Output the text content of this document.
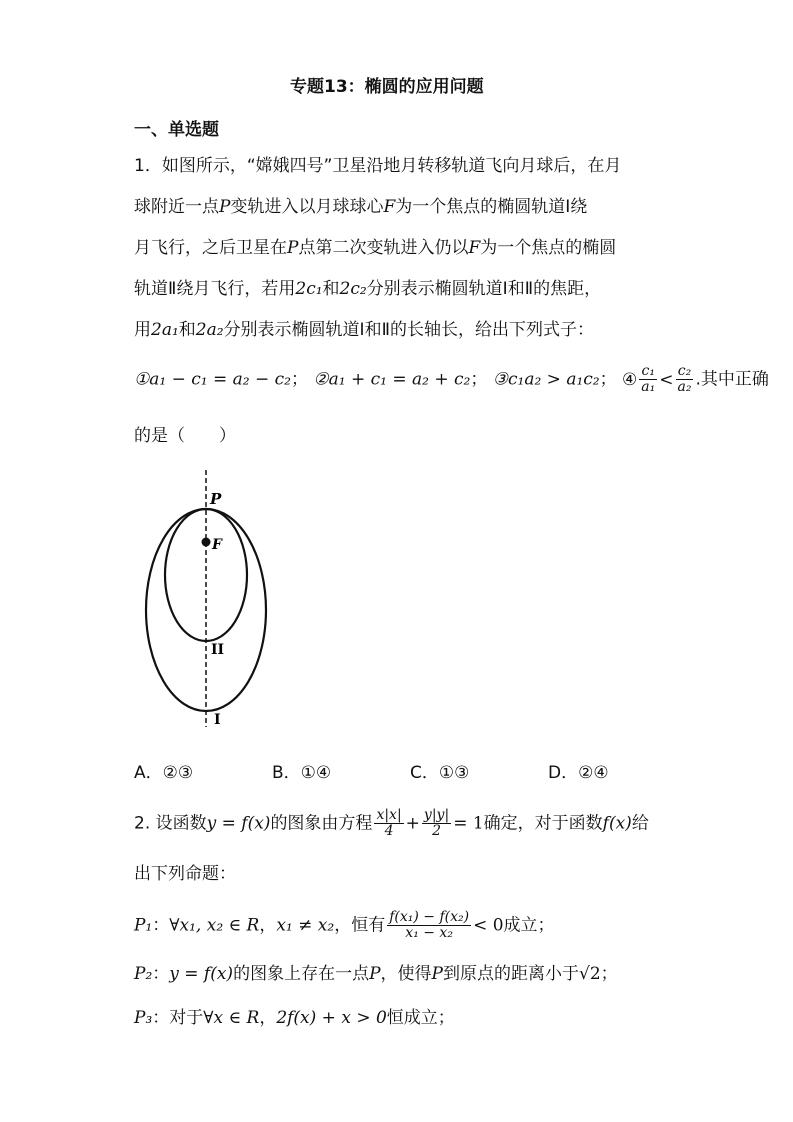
专题13：椭圆的应用问题
一、单选题
1．如图所示，“嫦娥四号”卫星沿地月转移轨道飞向月球后，在月
球附近一点P变轨进入以月球球心F为一个焦点的椭圆轨道Ⅰ绕
月飞行，之后卫星在P点第二次变轨进入仍以F为一个焦点的椭圆
轨道Ⅱ绕月飞行，若用2c₁和2c₂分别表示椭圆轨道Ⅰ和Ⅱ的焦距，
用2a₁和2a₂分别表示椭圆轨道Ⅰ和Ⅱ的长轴长，给出下列式子：
①a₁ − c₁ = a₂ − c₂； ②a₁ + c₁ = a₂ + c₂； ③c₁a₂ > a₁c₂； ④ $\frac{\text{c₁}}{\text{a₁}} < \frac{\text{c₂}}{\text{a₂}}$ .其中正确
的是（　　）
P
F
II
I
A．②③	B．①④	C．①③	D．②④
2. 设函数y = f(x)的图象由方程 $\frac{x|x|}{4} + \frac{y|y|}{2} = 1$确定，对于函数f(x)给
出下列命题：
P₁：∀x₁, x₂ ∈ R，x₁ ≠ x₂，恒有 $\frac{\text{f(x₁) − f(x₂)}}{\text{x₁ − x₂}} < 0$成立；
P₂：y = f(x)的图象上存在一点P，使得P到原点的距离小于√2；
P₃：对于∀x ∈ R，2f(x) + x > 0恒成立；
